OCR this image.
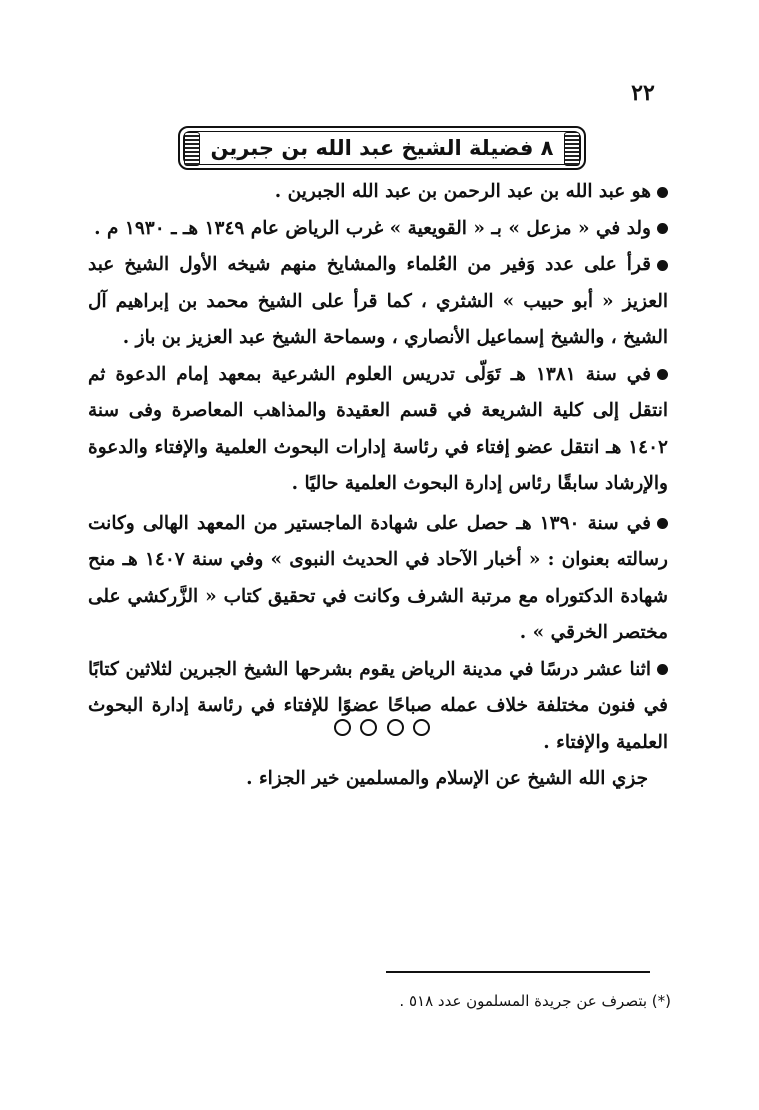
٢٢
٨ فضيلة الشيخ عبد الله بن جبرين

هو عبد الله بن عبد الرحمن بن عبد الله الجبرين .

ولد في « مزعل » بـ « القويعية » غرب الرياض عام ١٣٤٩ هـ ـ ١٩٣٠ م .

قرأ على عدد وَفير من العُلماء والمشايخ منهم شيخه الأول الشيخ عبد العزيز « أبو حبيب » الشثري ، كما قرأ على الشيخ محمد بن إبراهيم آل الشيخ ، والشيخ إسماعيل الأنصاري ، وسماحة الشيخ عبد العزيز بن باز .

في سنة ١٣٨١ هـ تَوَلّى تدريس العلوم الشرعية بمعهد إمام الدعوة ثم انتقل إلى كلية الشريعة في قسم العقيدة والمذاهب المعاصرة وفى سنة ١٤٠٢ هـ انتقل عضو إفتاء في رئاسة إدارات البحوث العلمية والإفتاء والدعوة والإرشاد سابقًا رئاس إدارة البحوث العلمية حاليًا .

في سنة ١٣٩٠ هـ حصل على شهادة الماجستير من المعهد الهالى وكانت رسالته بعنوان : « أخبار الآحاد في الحديث النبوى » وفي سنة ١٤٠٧ هـ منح شهادة الدكتوراه مع مرتبة الشرف وكانت في تحقيق كتاب « الزَّركشي على مختصر الخرقي » .

اثنا عشر درسًا في مدينة الرياض يقوم بشرحها الشيخ الجبرين لثلاثين كتابًا في فنون مختلفة خلاف عمله صباحًا عضوًا للإفتاء في رئاسة إدارة البحوث العلمية والإفتاء .

جزي الله الشيخ عن الإسلام والمسلمين خير الجزاء .

(*) بتصرف عن جريدة المسلمون عدد ٥١٨ .
